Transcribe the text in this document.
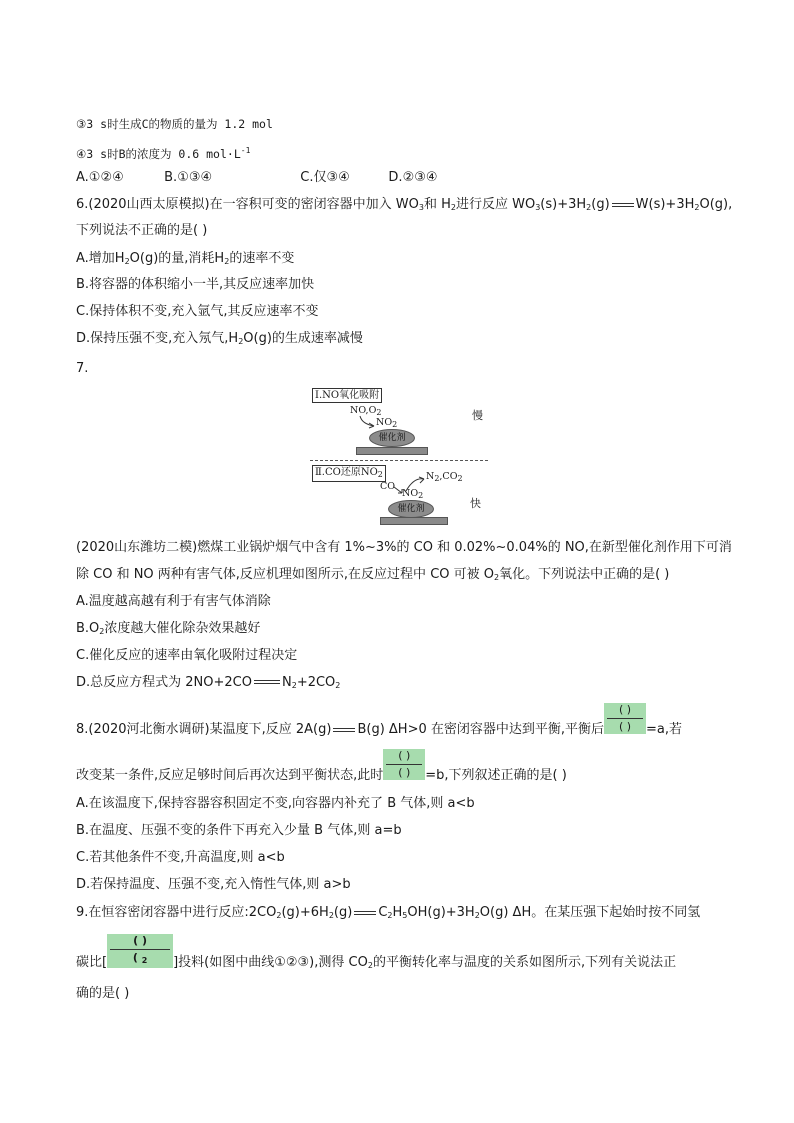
③3 s时生成C的物质的量为 1.2 mol
④3 s时B的浓度为 0.6 $mol\cdot L^{-1}$
A.①②④	B.①③④	C.仅③④	D.②③④
6.(2020山西太原模拟)在一容积可变的密闭容器中加入 $WO_3$和 $H_2$进行反应 $WO_3(s)+3H_2(g)$ $W(s)+3H_2O(g)$,
下列说法不正确的是( )
A.增加$H_2O(g)$的量,消耗$H_2$的速率不变
B.将容器的体积缩小一半,其反应速率加快
C.保持体积不变,充入氩气,其反应速率不变
D.保持压强不变,充入氖气$,H_2O(g)$的生成速率减慢
7.
Ⅰ.NO氧化吸附
$NO,O_2$
$NO_2$
催化剂
慢
Ⅱ.CO还原$NO_2$	$N_2,CO_2$
CO
$NO_2$
催化剂	快
(2020山东潍坊二模)燃煤工业锅炉烟气中含有 1%~3%的 CO 和 0.02%~0.04%的 NO,在新型催化剂作用下可消
除 CO 和 NO 两种有害气体,反应机理如图所示,在反应过程中 CO 可被 $O_2$氧化。下列说法中正确的是( )
A.温度越高越有利于有害气体消除
$B.O_2$浓度越大催化除杂效果越好
C.催化反应的速率由氧化吸附过程决定
D.总反应方程式为 2NO+2CO $N_2+2CO_2$
8.(2020河北衡水调研)某温度下,反应 2A(g) B(g) ΔH>0 在密闭容器中达到平衡,平衡后 $\frac{( )}{( )} =a$,若
改变某一条件,反应足够时间后再次达到平衡状态,此时 $\frac{( )}{( )} =b$,下列叙述正确的是( )
A.在该温度下,保持容器容积固定不变,向容器内补充了 B 气体,则 a<b
B.在温度、压强不变的条件下再充入少量 B 气体,则 a=b
C.若其他条件不变,升高温度,则 a<b
D.若保持温度、压强不变,充入惰性气体,则 a>b
9.在恒容密闭容器中进行反应$:2CO_2(g)+6H_2(g)$ $C_2H_5OH(g)+3H_2O(g)$ ΔH。在某压强下起始时按不同氢
碳比[ $\frac{( )}{( _2}$ ]投料(如图中曲线①②③),测得 $CO_2$的平衡转化率与温度的关系如图所示,下列有关说法正
确的是( )
